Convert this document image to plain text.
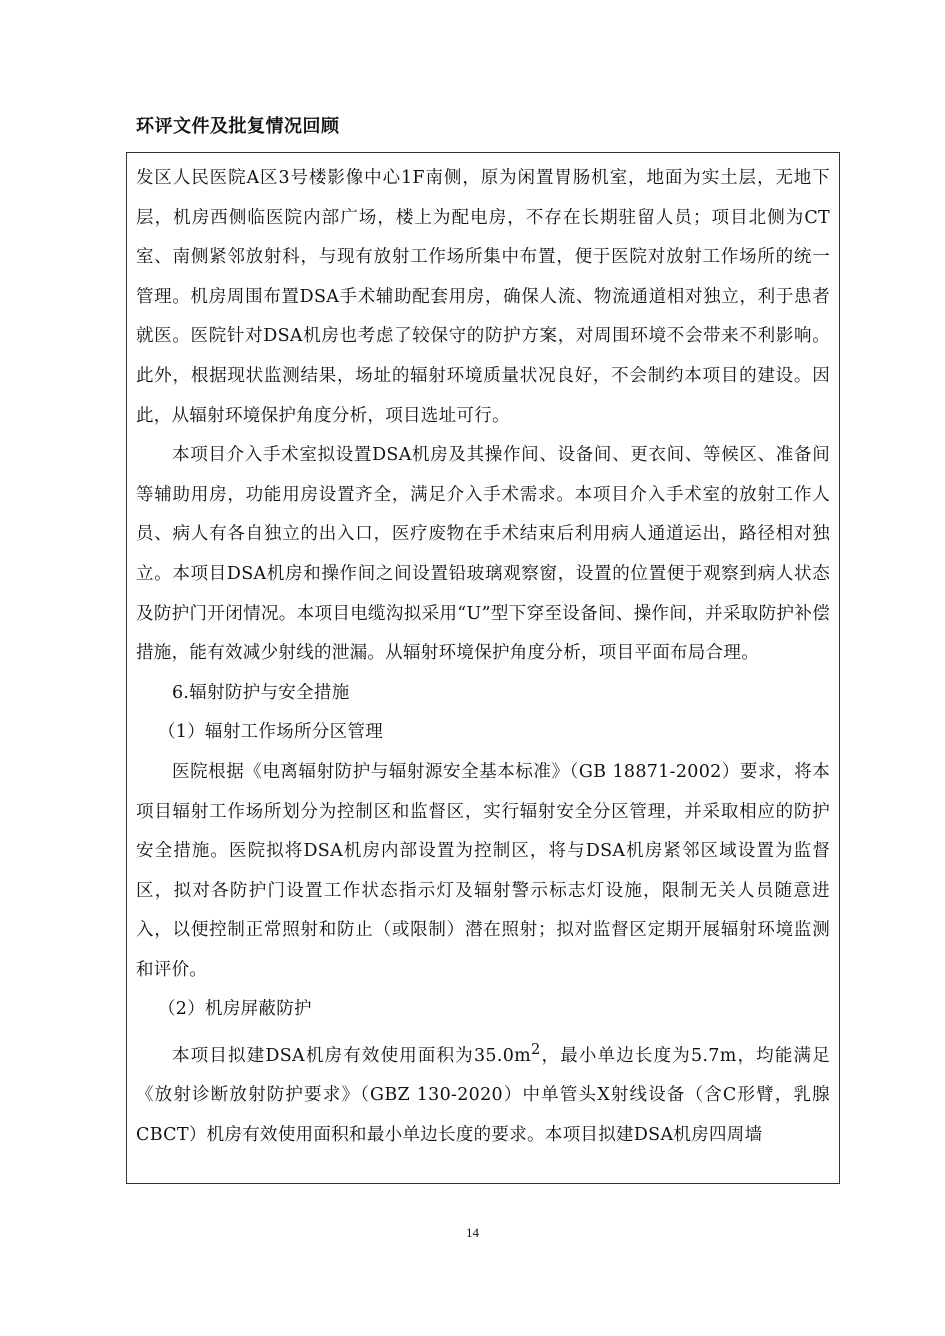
环评文件及批复情况回顾

发区人民医院A区3号楼影像中心1F南侧，原为闲置胃肠机室，地面为实土层，无地下层，机房西侧临医院内部广场，楼上为配电房，不存在长期驻留人员；项目北侧为CT室、南侧紧邻放射科，与现有放射工作场所集中布置，便于医院对放射工作场所的统一管理。机房周围布置DSA手术辅助配套用房，确保人流、物流通道相对独立，利于患者就医。医院针对DSA机房也考虑了较保守的防护方案，对周围环境不会带来不利影响。此外，根据现状监测结果，场址的辐射环境质量状况良好，不会制约本项目的建设。因此，从辐射环境保护角度分析，项目选址可行。

本项目介入手术室拟设置DSA机房及其操作间、设备间、更衣间、等候区、准备间等辅助用房，功能用房设置齐全，满足介入手术需求。本项目介入手术室的放射工作人员、病人有各自独立的出入口，医疗废物在手术结束后利用病人通道运出，路径相对独立。本项目DSA机房和操作间之间设置铅玻璃观察窗，设置的位置便于观察到病人状态及防护门开闭情况。本项目电缆沟拟采用“U”型下穿至设备间、操作间，并采取防护补偿措施，能有效减少射线的泄漏。从辐射环境保护角度分析，项目平面布局合理。

6.辐射防护与安全措施

（1）辐射工作场所分区管理

医院根据《电离辐射防护与辐射源安全基本标准》（GB 18871-2002）要求，将本项目辐射工作场所划分为控制区和监督区，实行辐射安全分区管理，并采取相应的防护安全措施。医院拟将DSA机房内部设置为控制区，将与DSA机房紧邻区域设置为监督区，拟对各防护门设置工作状态指示灯及辐射警示标志灯设施，限制无关人员随意进入，以便控制正常照射和防止（或限制）潜在照射；拟对监督区定期开展辐射环境监测和评价。

（2）机房屏蔽防护

本项目拟建DSA机房有效使用面积为$35.0m^2$，最小单边长度为5.7m，均能满足《放射诊断放射防护要求》（GBZ 130-2020）中单管头X射线设备（含C形臂，乳腺CBCT）机房有效使用面积和最小单边长度的要求。本项目拟建DSA机房四周墙

14
